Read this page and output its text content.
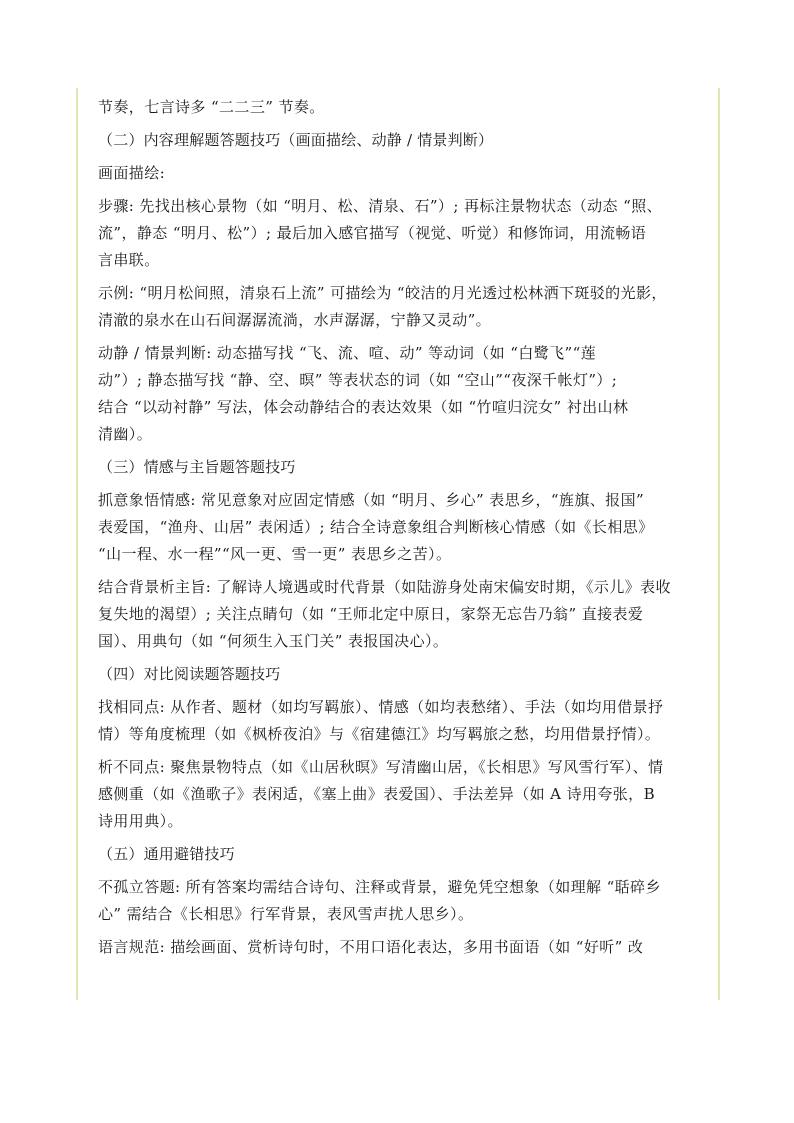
节奏，七言诗多 “二二三” 节奏。
（二）内容理解题答题技巧（画面描绘、动静 / 情景判断）
画面描绘:
步骤: 先找出核心景物（如 “明月、松、清泉、石”）; 再标注景物状态（动态 “照、
流”，静态 “明月、松”）; 最后加入感官描写（视觉、听觉）和修饰词，用流畅语
言串联。
示例: “明月松间照，清泉石上流” 可描绘为 “皎洁的月光透过松林洒下斑驳的光影，
清澈的泉水在山石间潺潺流淌，水声潺潺，宁静又灵动”。
动静 / 情景判断: 动态描写找 “飞、流、喧、动” 等动词（如 “白鹭飞”“莲
动”）; 静态描写找 “静、空、暝” 等表状态的词（如 “空山”“夜深千帐灯”）;
结合 “以动衬静” 写法，体会动静结合的表达效果（如 “竹喧归浣女” 衬出山林
清幽）。
（三）情感与主旨题答题技巧
抓意象悟情感: 常见意象对应固定情感（如 “明月、乡心” 表思乡，“旌旗、报国”
表爱国，“渔舟、山居” 表闲适）; 结合全诗意象组合判断核心情感（如《长相思》
“山一程、水一程”“风一更、雪一更” 表思乡之苦）。
结合背景析主旨: 了解诗人境遇或时代背景（如陆游身处南宋偏安时期，《示儿》表收
复失地的渴望）; 关注点睛句（如 “王师北定中原日，家祭无忘告乃翁” 直接表爱
国）、用典句（如 “何须生入玉门关” 表报国决心）。
（四）对比阅读题答题技巧
找相同点: 从作者、题材（如均写羁旅）、情感（如均表愁绪）、手法（如均用借景抒
情）等角度梳理（如《枫桥夜泊》与《宿建德江》均写羁旅之愁，均用借景抒情）。
析不同点: 聚焦景物特点（如《山居秋暝》写清幽山居，《长相思》写风雪行军）、情
感侧重（如《渔歌子》表闲适，《塞上曲》表爱国）、手法差异（如 A 诗用夸张，B
诗用用典）。
（五）通用避错技巧
不孤立答题: 所有答案均需结合诗句、注释或背景，避免凭空想象（如理解 “聒碎乡
心” 需结合《长相思》行军背景，表风雪声扰人思乡）。
语言规范: 描绘画面、赏析诗句时，不用口语化表达，多用书面语（如 “好听” 改
